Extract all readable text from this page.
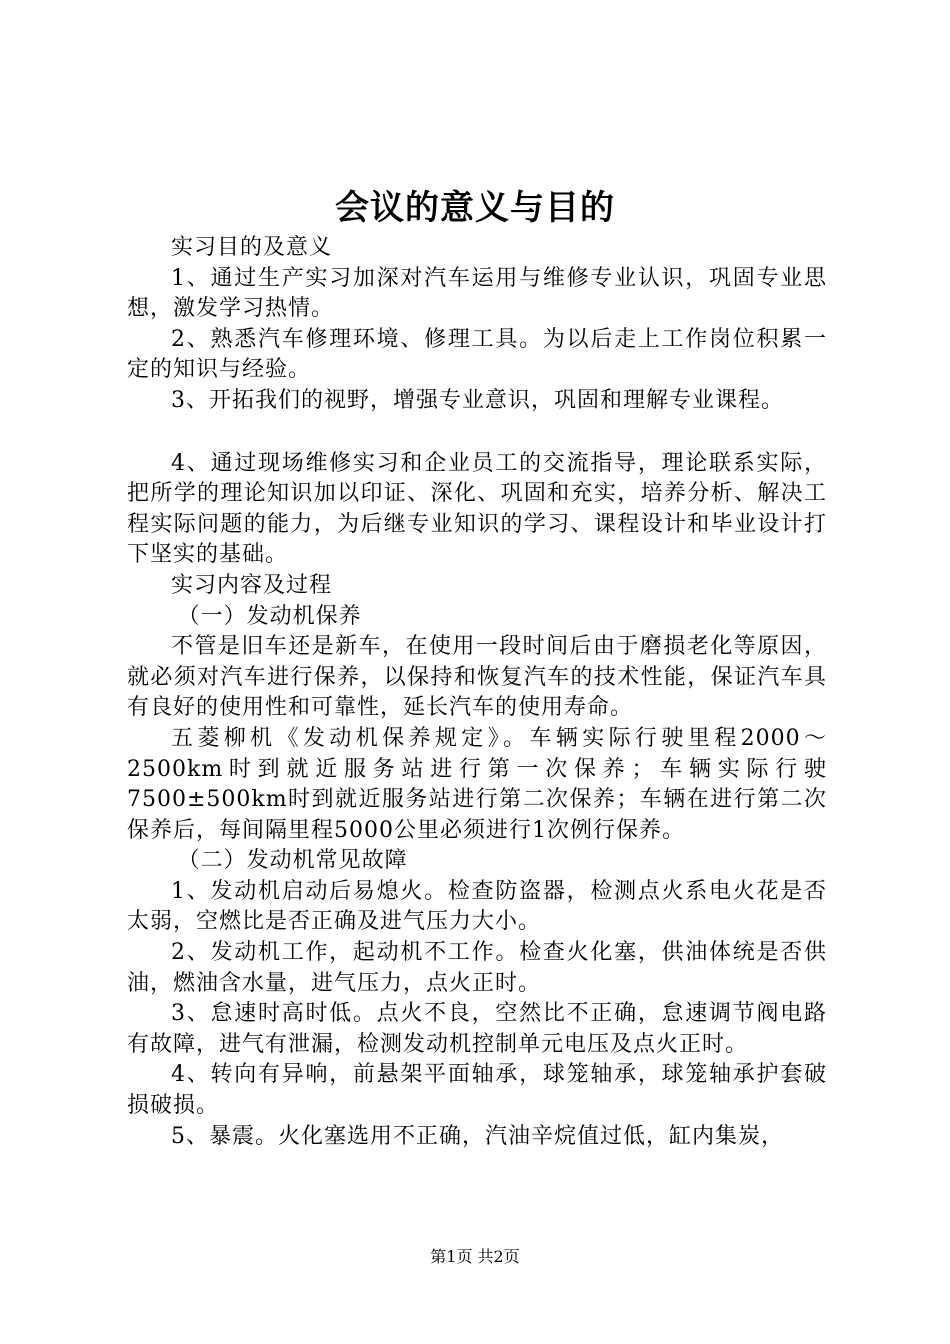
会议的意义与目的

实习目的及意义

1、通过生产实习加深对汽车运用与维修专业认识，巩固专业思想，激发学习热情。

2、熟悉汽车修理环境、修理工具。为以后走上工作岗位积累一定的知识与经验。

3、开拓我们的视野，增强专业意识，巩固和理解专业课程。

4、通过现场维修实习和企业员工的交流指导，理论联系实际，把所学的理论知识加以印证、深化、巩固和充实，培养分析、解决工程实际问题的能力，为后继专业知识的学习、课程设计和毕业设计打下坚实的基础。

实习内容及过程

（一）发动机保养

不管是旧车还是新车，在使用一段时间后由于磨损老化等原因，就必须对汽车进行保养，以保持和恢复汽车的技术性能，保证汽车具有良好的使用性和可靠性，延长汽车的使用寿命。

五菱柳机《发动机保养规定》。车辆实际行驶里程2000～2500km时到就近服务站进行第一次保养；车辆实际行驶7500±500km时到就近服务站进行第二次保养；车辆在进行第二次保养后，每间隔里程5000公里必须进行1次例行保养。

（二）发动机常见故障

1、发动机启动后易熄火。检查防盗器，检测点火系电火花是否太弱，空燃比是否正确及进气压力大小。

2、发动机工作，起动机不工作。检查火化塞，供油体统是否供油，燃油含水量，进气压力，点火正时。

3、怠速时高时低。点火不良，空然比不正确，怠速调节阀电路有故障，进气有泄漏，检测发动机控制单元电压及点火正时。

4、转向有异响，前悬架平面轴承，球笼轴承，球笼轴承护套破损破损。

5、暴震。火化塞选用不正确，汽油辛烷值过低，缸内集炭，

第1页 共2页
